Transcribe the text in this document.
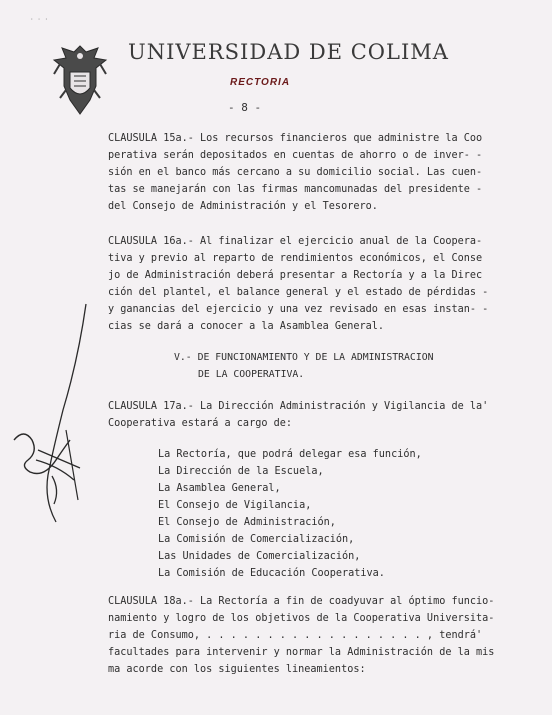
· · ·
UNIVERSIDAD DE COLIMA
RECTORIA
- 8 -
CLAUSULA 15a.- Los recursos financieros que administre la Coo
perativa serán depositados en cuentas de ahorro o de inver- -
sión en el banco más cercano a su domicilio social. Las cuen-
tas se manejarán con las firmas mancomunadas del presidente -
del Consejo de Administración y el Tesorero.
CLAUSULA 16a.- Al finalizar el ejercicio anual de la Coopera-
tiva y previo al reparto de rendimientos económicos, el Conse
jo de Administración deberá presentar a Rectoría y a la Direc
ción del plantel, el balance general y el estado de pérdidas -
y ganancias del ejercicio y una vez revisado en esas instan- -
cias se dará a conocer a la Asamblea General.
V.- DE FUNCIONAMIENTO Y DE LA ADMINISTRACION
DE LA COOPERATIVA.
CLAUSULA 17a.- La Dirección Administración y Vigilancia de la'
Cooperativa estará a cargo de:
La Rectoría, que podrá delegar esa función,
La Dirección de la Escuela,
La Asamblea General,
El Consejo de Vigilancia,
El Consejo de Administración,
La Comisión de Comercialización,
Las Unidades de Comercialización,
La Comisión de Educación Cooperativa.
CLAUSULA 18a.- La Rectoría a fin de coadyuvar al óptimo funcio-
namiento y logro de los objetivos de la Cooperativa Universita-
ria de Consumo, . . . . . . . . . . . . . . . . . . , tendrá'
facultades para intervenir y normar la Administración de la mis
ma acorde con los siguientes lineamientos:
